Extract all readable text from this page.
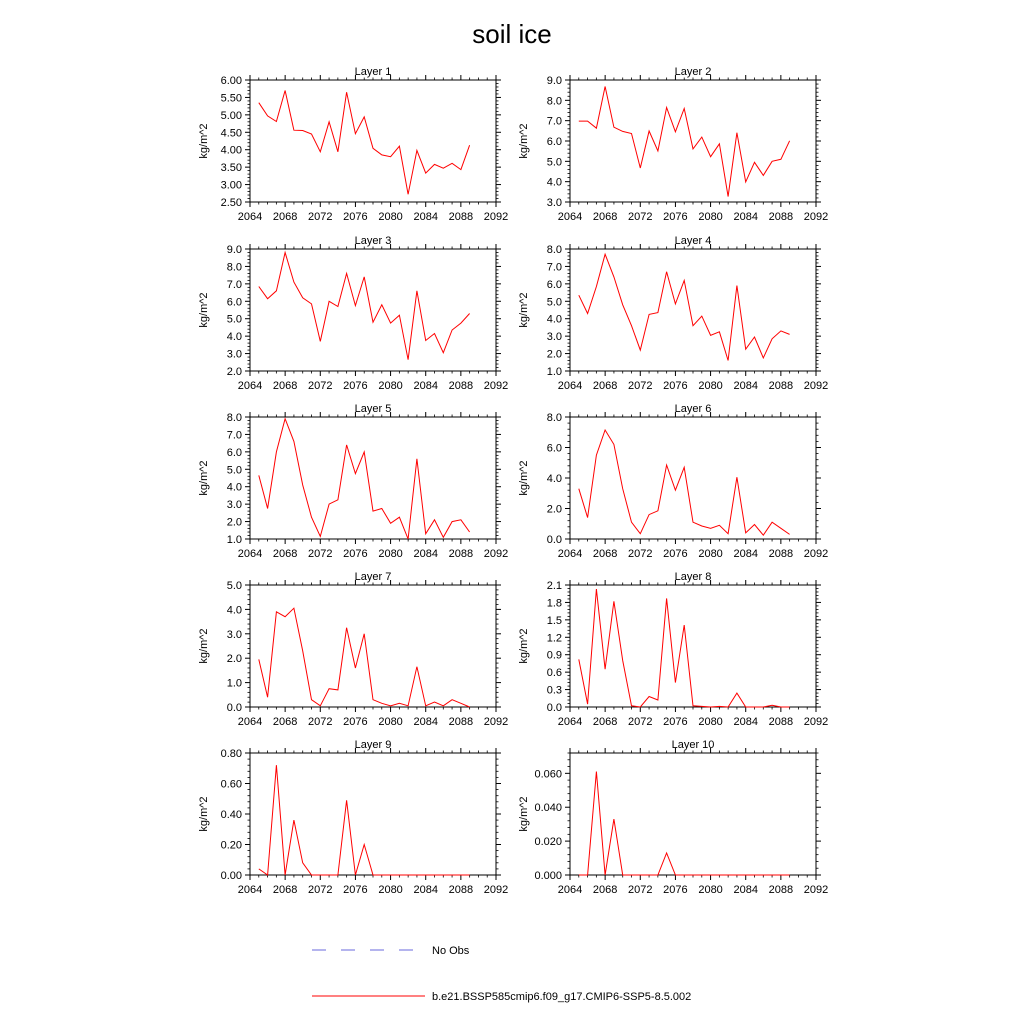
soil ice
Layer 1
kg/m^2
2064 2068 2072 2076 2080 2084 2088 2092
2.50
3.00
3.50
4.00
4.50
5.00
5.50
6.00
Layer 2
kg/m^2
2064 2068 2072 2076 2080 2084 2088 2092
3.0
4.0
5.0
6.0
7.0
8.0
9.0
Layer 3
kg/m^2
2064 2068 2072 2076 2080 2084 2088 2092
2.0
3.0
4.0
5.0
6.0
7.0
8.0
9.0
Layer 4
kg/m^2
2064 2068 2072 2076 2080 2084 2088 2092
1.0
2.0
3.0
4.0
5.0
6.0
7.0
8.0
Layer 5
kg/m^2
2064 2068 2072 2076 2080 2084 2088 2092
1.0
2.0
3.0
4.0
5.0
6.0
7.0
8.0
Layer 6
kg/m^2
2064 2068 2072 2076 2080 2084 2088 2092
0.0
2.0
4.0
6.0
8.0
Layer 7
kg/m^2
2064 2068 2072 2076 2080 2084 2088 2092
0.0
1.0
2.0
3.0
4.0
5.0
Layer 8
kg/m^2
2064 2068 2072 2076 2080 2084 2088 2092
0.0
0.3
0.6
0.9
1.2
1.5
1.8
2.1
Layer 9
kg/m^2
2064 2068 2072 2076 2080 2084 2088 2092
0.00
0.20
0.40
0.60
0.80
Layer 10
kg/m^2
2064 2068 2072 2076 2080 2084 2088 2092
0.000
0.020
0.040
0.060
No Obs
b.e21.BSSP585cmip6.f09_g17.CMIP6-SSP5-8.5.002
